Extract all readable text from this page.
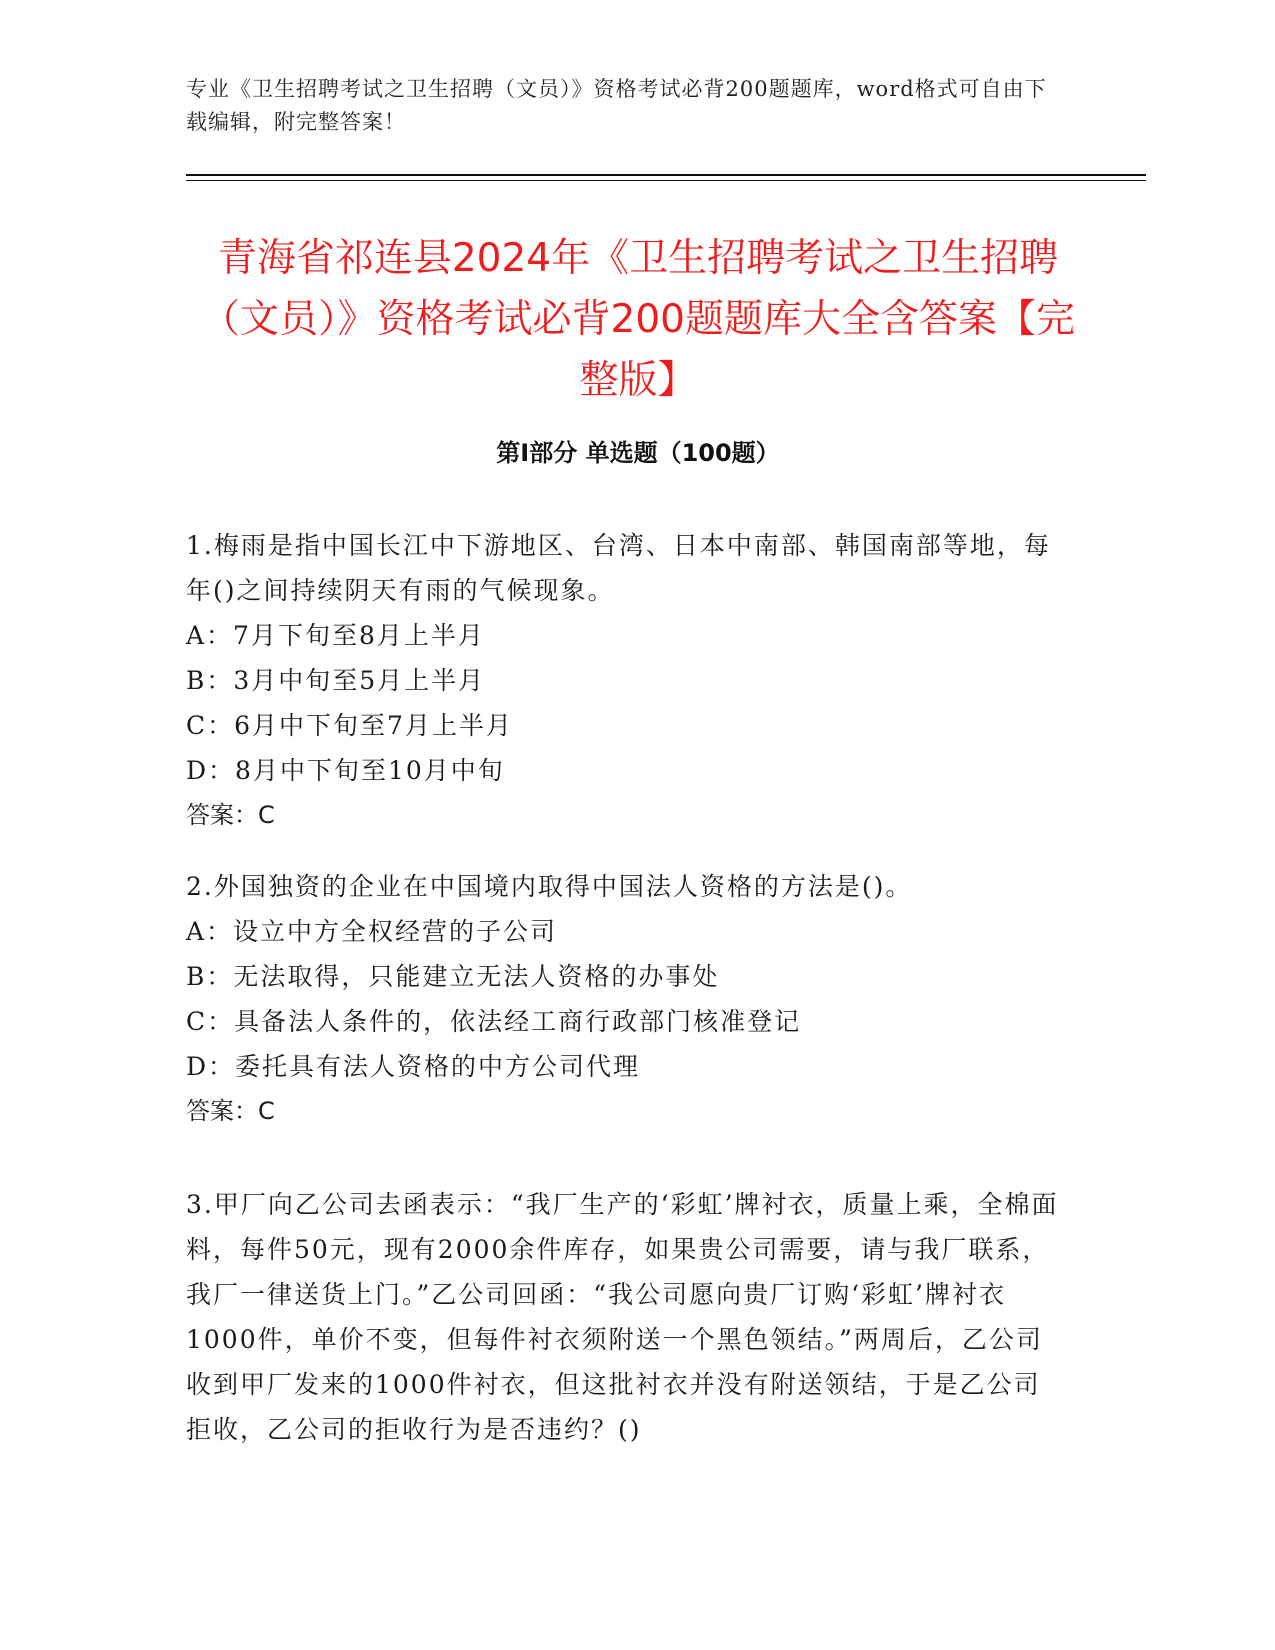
专业《卫生招聘考试之卫生招聘（文员）》资格考试必背200题题库，word格式可自由下载编辑，附完整答案！
青海省祁连县2024年《卫生招聘考试之卫生招聘（文员）》资格考试必背200题题库大全含答案【完整版】
第Ⅰ部分 单选题（100题）

1.梅雨是指中国长江中下游地区、台湾、日本中南部、韩国南部等地，每年()之间持续阴天有雨的气候现象。

A：7月下旬至8月上半月

B：3月中旬至5月上半月

C：6月中下旬至7月上半月

D：8月中下旬至10月中旬

答案：C

2.外国独资的企业在中国境内取得中国法人资格的方法是()。

A：设立中方全权经营的子公司

B：无法取得，只能建立无法人资格的办事处

C：具备法人条件的，依法经工商行政部门核准登记

D：委托具有法人资格的中方公司代理

答案：C

3.甲厂向乙公司去函表示：“我厂生产的‘彩虹’牌衬衣，质量上乘，全棉面料，每件50元，现有2000余件库存，如果贵公司需要，请与我厂联系，我厂一律送货上门。”乙公司回函：“我公司愿向贵厂订购‘彩虹’牌衬衣1000件，单价不变，但每件衬衣须附送一个黑色领结。”两周后，乙公司收到甲厂发来的1000件衬衣，但这批衬衣并没有附送领结，于是乙公司拒收，乙公司的拒收行为是否违约？()
